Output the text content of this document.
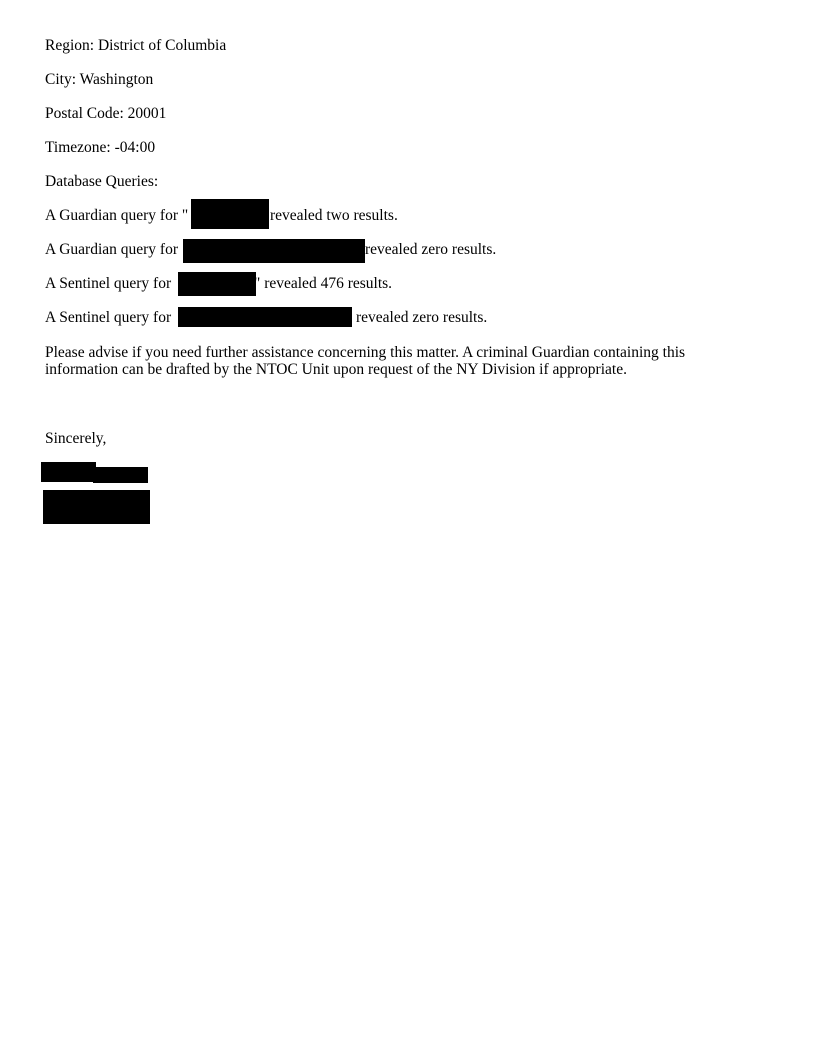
Region: District of Columbia
City: Washington
Postal Code: 20001
Timezone: -04:00
Database Queries:
A Guardian query for "	revealed two results.
A Guardian query for	revealed zero results.
A Sentinel query for	" revealed 476 results.
A Sentinel query for	revealed zero results.
Please advise if you need further assistance concerning this matter. A criminal Guardian containing this
information can be drafted by the NTOC Unit upon request of the NY Division if appropriate.
Sincerely,
